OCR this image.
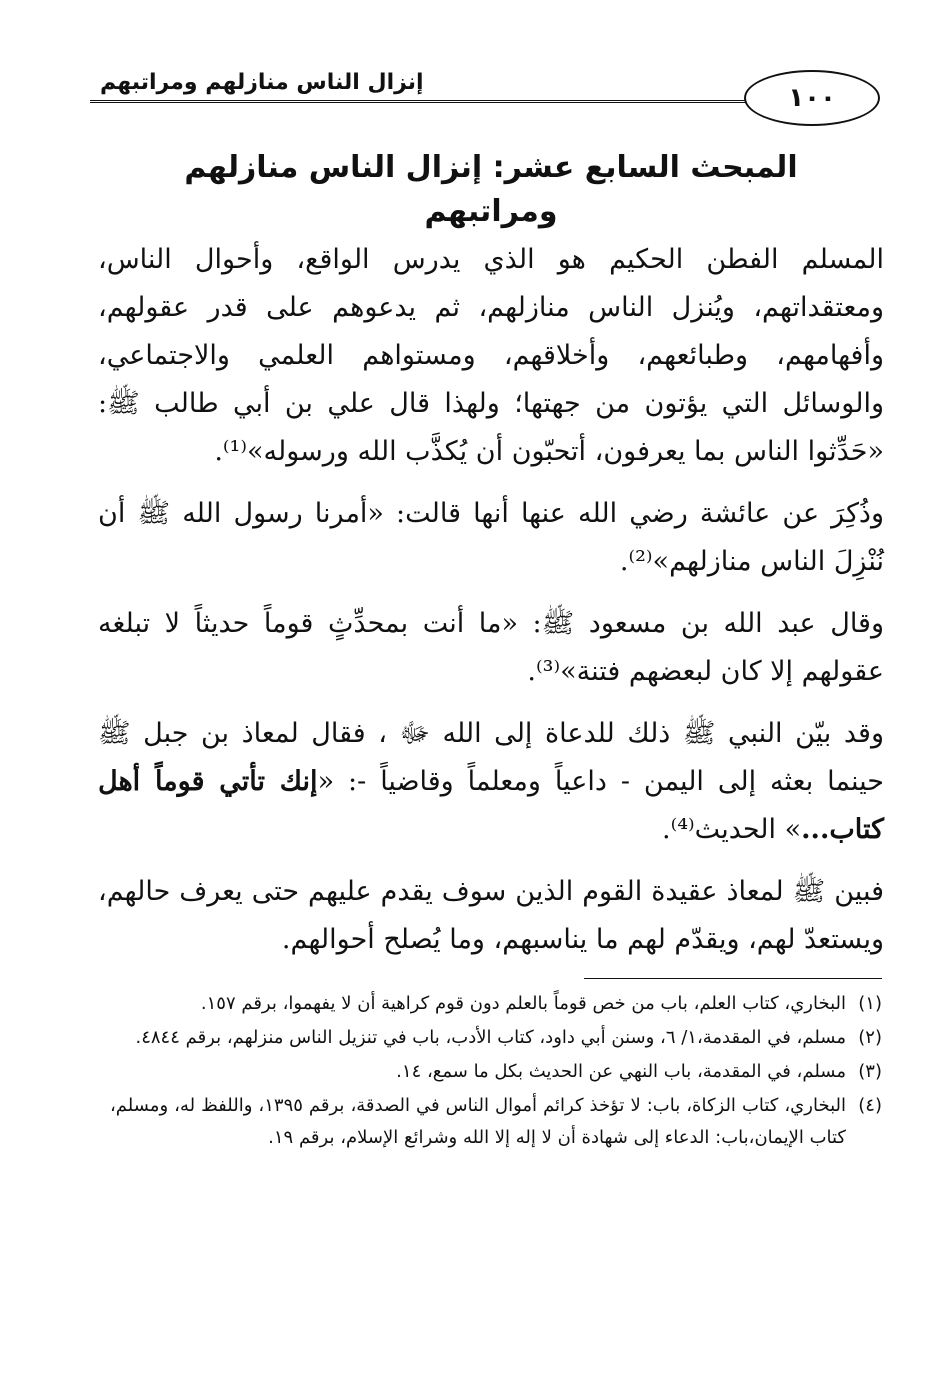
إنزال الناس منازلهم ومراتبهم
١٠٠
المبحث السابع عشر: إنزال الناس منازلهم ومراتبهم

المسلم الفطن الحكيم هو الذي يدرس الواقع، وأحوال الناس، ومعتقداتهم، ويُنزل الناس منازلهم، ثم يدعوهم على قدر عقولهم، وأفهامهم، وطبائعهم، وأخلاقهم، ومستواهم العلمي والاجتماعي، والوسائل التي يؤتون من جهتها؛ ولهذا قال علي بن أبي طالب ﷺ: «حَدِّثوا الناس بما يعرفون، أتحبّون أن يُكذَّب الله ورسوله»⁽¹⁾.

وذُكِرَ عن عائشة رضي الله عنها أنها قالت: «أمرنا رسول الله ﷺ أن نُنْزِلَ الناس منازلهم»⁽²⁾.

وقال عبد الله بن مسعود ﷺ: «ما أنت بمحدِّثٍ قوماً حديثاً لا تبلغه عقولهم إلا كان لبعضهم فتنة»⁽³⁾.

وقد بيّن النبي ﷺ ذلك للدعاة إلى الله ﷻ ، فقال لمعاذ بن جبل ﷺ حينما بعثه إلى اليمن - داعياً ومعلماً وقاضياً -: «إنك تأتي قوماً أهل كتاب...» الحديث⁽⁴⁾.

فبين ﷺ لمعاذ عقيدة القوم الذين سوف يقدم عليهم حتى يعرف حالهم، ويستعدّ لهم، ويقدّم لهم ما يناسبهم، وما يُصلح أحوالهم.

(١)
البخاري، كتاب العلم، باب من خص قوماً بالعلم دون قوم كراهية أن لا يفهموا، برقم ١٥٧.
(٢)
مسلم، في المقدمة،١/ ٦، وسنن أبي داود، كتاب الأدب، باب في تنزيل الناس منزلهم، برقم ٤٨٤٤.
(٣)
مسلم، في المقدمة، باب النهي عن الحديث بكل ما سمع، ١٤.
(٤)
البخاري، كتاب الزكاة، باب: لا تؤخذ كرائم أموال الناس في الصدقة، برقم ١٣٩٥، واللفظ له، ومسلم، كتاب الإيمان،باب: الدعاء إلى شهادة أن لا إله إلا الله وشرائع الإسلام، برقم ١٩.
